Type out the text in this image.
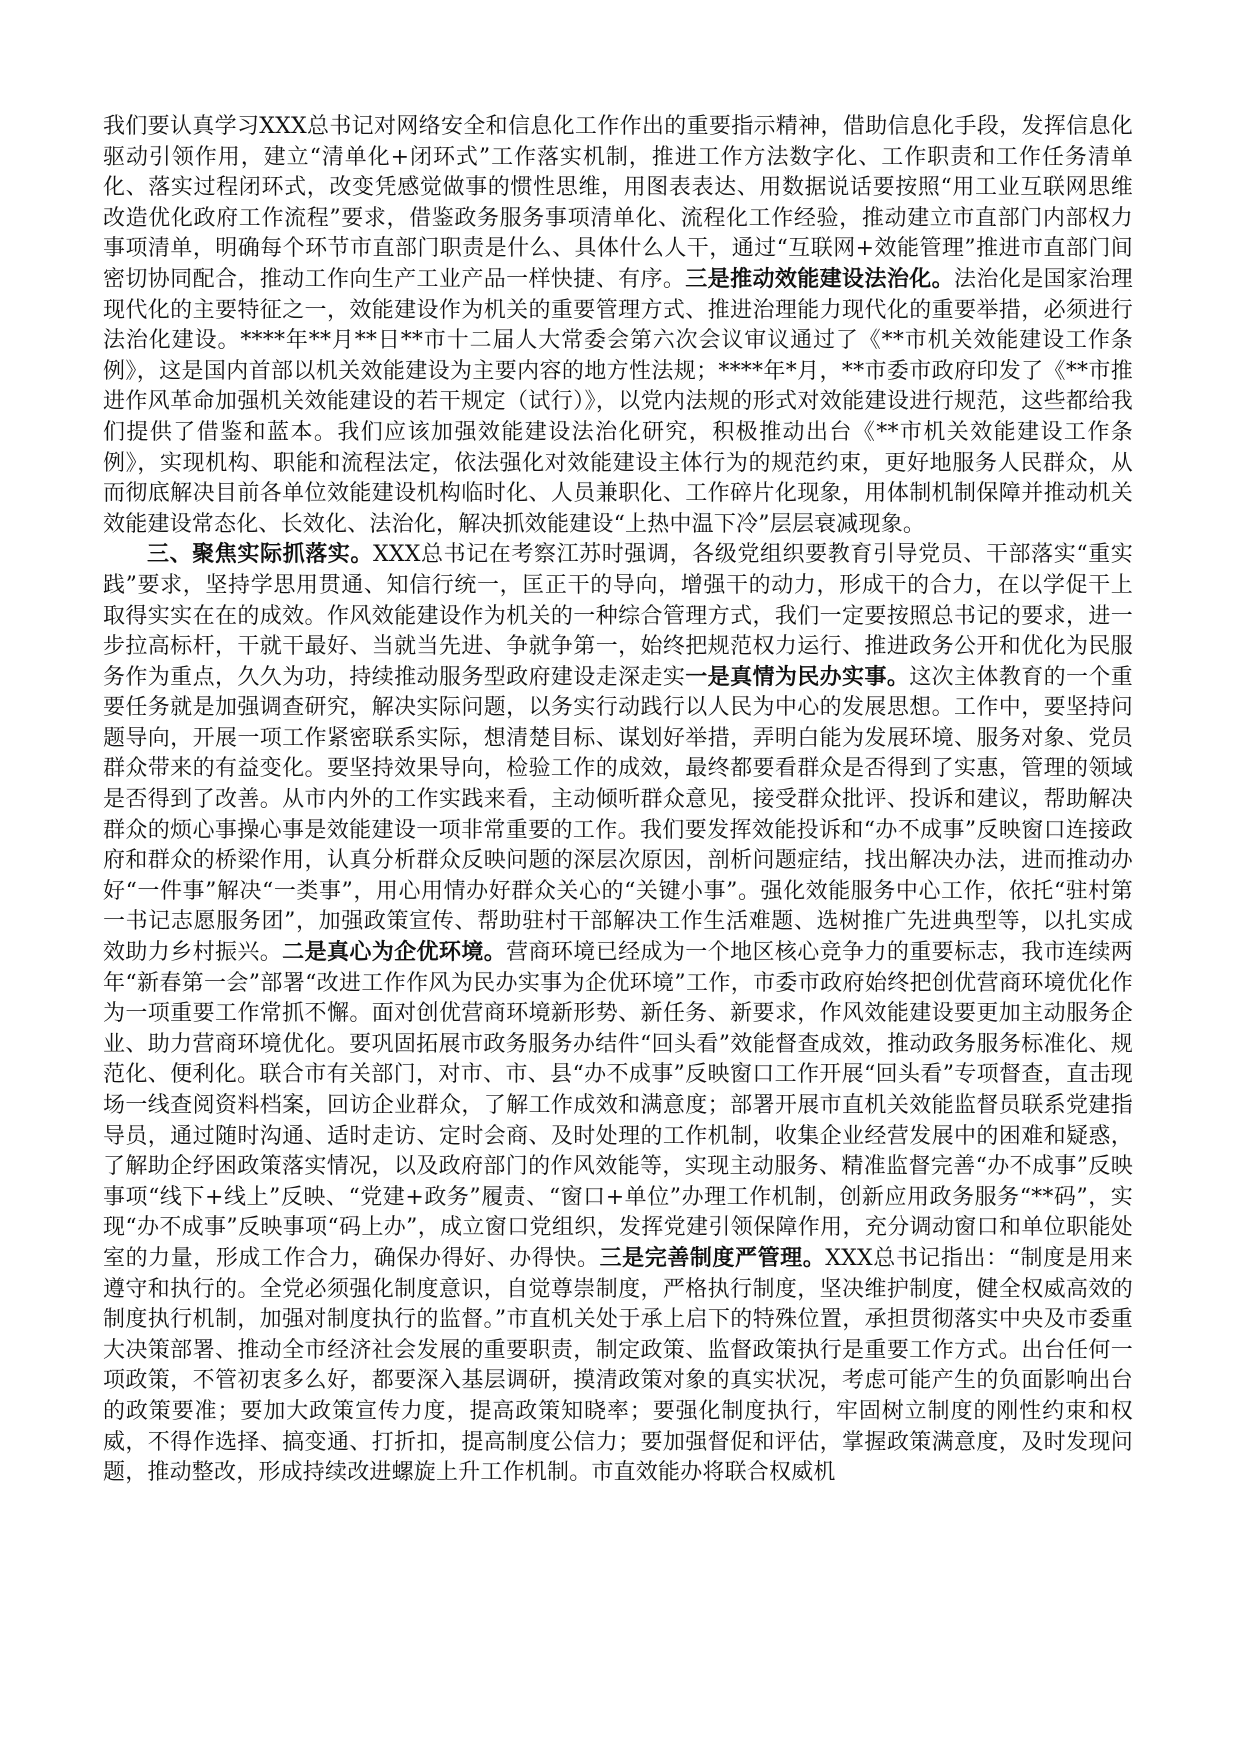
我们要认真学习XXX总书记对网络安全和信息化工作作出的重要指示精神，借助信息化手段，发挥信息化驱动引领作用，建立“清单化+闭环式”工作落实机制，推进工作方法数字化、工作职责和工作任务清单化、落实过程闭环式，改变凭感觉做事的惯性思维，用图表表达、用数据说话要按照“用工业互联网思维改造优化政府工作流程”要求，借鉴政务服务事项清单化、流程化工作经验，推动建立市直部门内部权力事项清单，明确每个环节市直部门职责是什么、具体什么人干，通过“互联网+效能管理”推进市直部门间密切协同配合，推动工作向生产工业产品一样快捷、有序。三是推动效能建设法治化。法治化是国家治理现代化的主要特征之一，效能建设作为机关的重要管理方式、推进治理能力现代化的重要举措，必须进行法治化建设。****年**月**日**市十二届人大常委会第六次会议审议通过了《**市机关效能建设工作条例》，这是国内首部以机关效能建设为主要内容的地方性法规；****年*月，**市委市政府印发了《**市推进作风革命加强机关效能建设的若干规定（试行）》，以党内法规的形式对效能建设进行规范，这些都给我们提供了借鉴和蓝本。我们应该加强效能建设法治化研究，积极推动出台《**市机关效能建设工作条例》，实现机构、职能和流程法定，依法强化对效能建设主体行为的规范约束，更好地服务人民群众，从而彻底解决目前各单位效能建设机构临时化、人员兼职化、工作碎片化现象，用体制机制保障并推动机关效能建设常态化、长效化、法治化，解决抓效能建设“上热中温下冷”层层衰减现象。

三、聚焦实际抓落实。XXX总书记在考察江苏时强调，各级党组织要教育引导党员、干部落实“重实践”要求，坚持学思用贯通、知信行统一，匡正干的导向，增强干的动力，形成干的合力，在以学促干上取得实实在在的成效。作风效能建设作为机关的一种综合管理方式，我们一定要按照总书记的要求，进一步拉高标杆，干就干最好、当就当先进、争就争第一，始终把规范权力运行、推进政务公开和优化为民服务作为重点，久久为功，持续推动服务型政府建设走深走实一是真情为民办实事。这次主体教育的一个重要任务就是加强调查研究，解决实际问题，以务实行动践行以人民为中心的发展思想。工作中，要坚持问题导向，开展一项工作紧密联系实际，想清楚目标、谋划好举措，弄明白能为发展环境、服务对象、党员群众带来的有益变化。要坚持效果导向，检验工作的成效，最终都要看群众是否得到了实惠，管理的领域是否得到了改善。从市内外的工作实践来看，主动倾听群众意见，接受群众批评、投诉和建议，帮助解决群众的烦心事操心事是效能建设一项非常重要的工作。我们要发挥效能投诉和“办不成事”反映窗口连接政府和群众的桥梁作用，认真分析群众反映问题的深层次原因，剖析问题症结，找出解决办法，进而推动办好“一件事”解决“一类事”，用心用情办好群众关心的“关键小事”。强化效能服务中心工作，依托“驻村第一书记志愿服务团”，加强政策宣传、帮助驻村干部解决工作生活难题、选树推广先进典型等，以扎实成效助力乡村振兴。二是真心为企优环境。营商环境已经成为一个地区核心竞争力的重要标志，我市连续两年“新春第一会”部署“改进工作作风为民办实事为企优环境”工作，市委市政府始终把创优营商环境优化作为一项重要工作常抓不懈。面对创优营商环境新形势、新任务、新要求，作风效能建设要更加主动服务企业、助力营商环境优化。要巩固拓展市政务服务办结件“回头看”效能督查成效，推动政务服务标准化、规范化、便利化。联合市有关部门，对市、市、县“办不成事”反映窗口工作开展“回头看”专项督查，直击现场一线查阅资料档案，回访企业群众，了解工作成效和满意度；部署开展市直机关效能监督员联系党建指导员，通过随时沟通、适时走访、定时会商、及时处理的工作机制，收集企业经营发展中的困难和疑惑，了解助企纾困政策落实情况，以及政府部门的作风效能等，实现主动服务、精准监督完善“办不成事”反映事项“线下+线上”反映、“党建+政务”履责、“窗口+单位”办理工作机制，创新应用政务服务“**码”，实现“办不成事”反映事项“码上办”，成立窗口党组织，发挥党建引领保障作用，充分调动窗口和单位职能处室的力量，形成工作合力，确保办得好、办得快。三是完善制度严管理。XXX总书记指出：“制度是用来遵守和执行的。全党必须强化制度意识，自觉尊崇制度，严格执行制度，坚决维护制度，健全权威高效的制度执行机制，加强对制度执行的监督。”市直机关处于承上启下的特殊位置，承担贯彻落实中央及市委重大决策部署、推动全市经济社会发展的重要职责，制定政策、监督政策执行是重要工作方式。出台任何一项政策，不管初衷多么好，都要深入基层调研，摸清政策对象的真实状况，考虑可能产生的负面影响出台的政策要准；要加大政策宣传力度，提高政策知晓率；要强化制度执行，牢固树立制度的刚性约束和权威，不得作选择、搞变通、打折扣，提高制度公信力；要加强督促和评估，掌握政策满意度，及时发现问题，推动整改，形成持续改进螺旋上升工作机制。市直效能办将联合权威机
